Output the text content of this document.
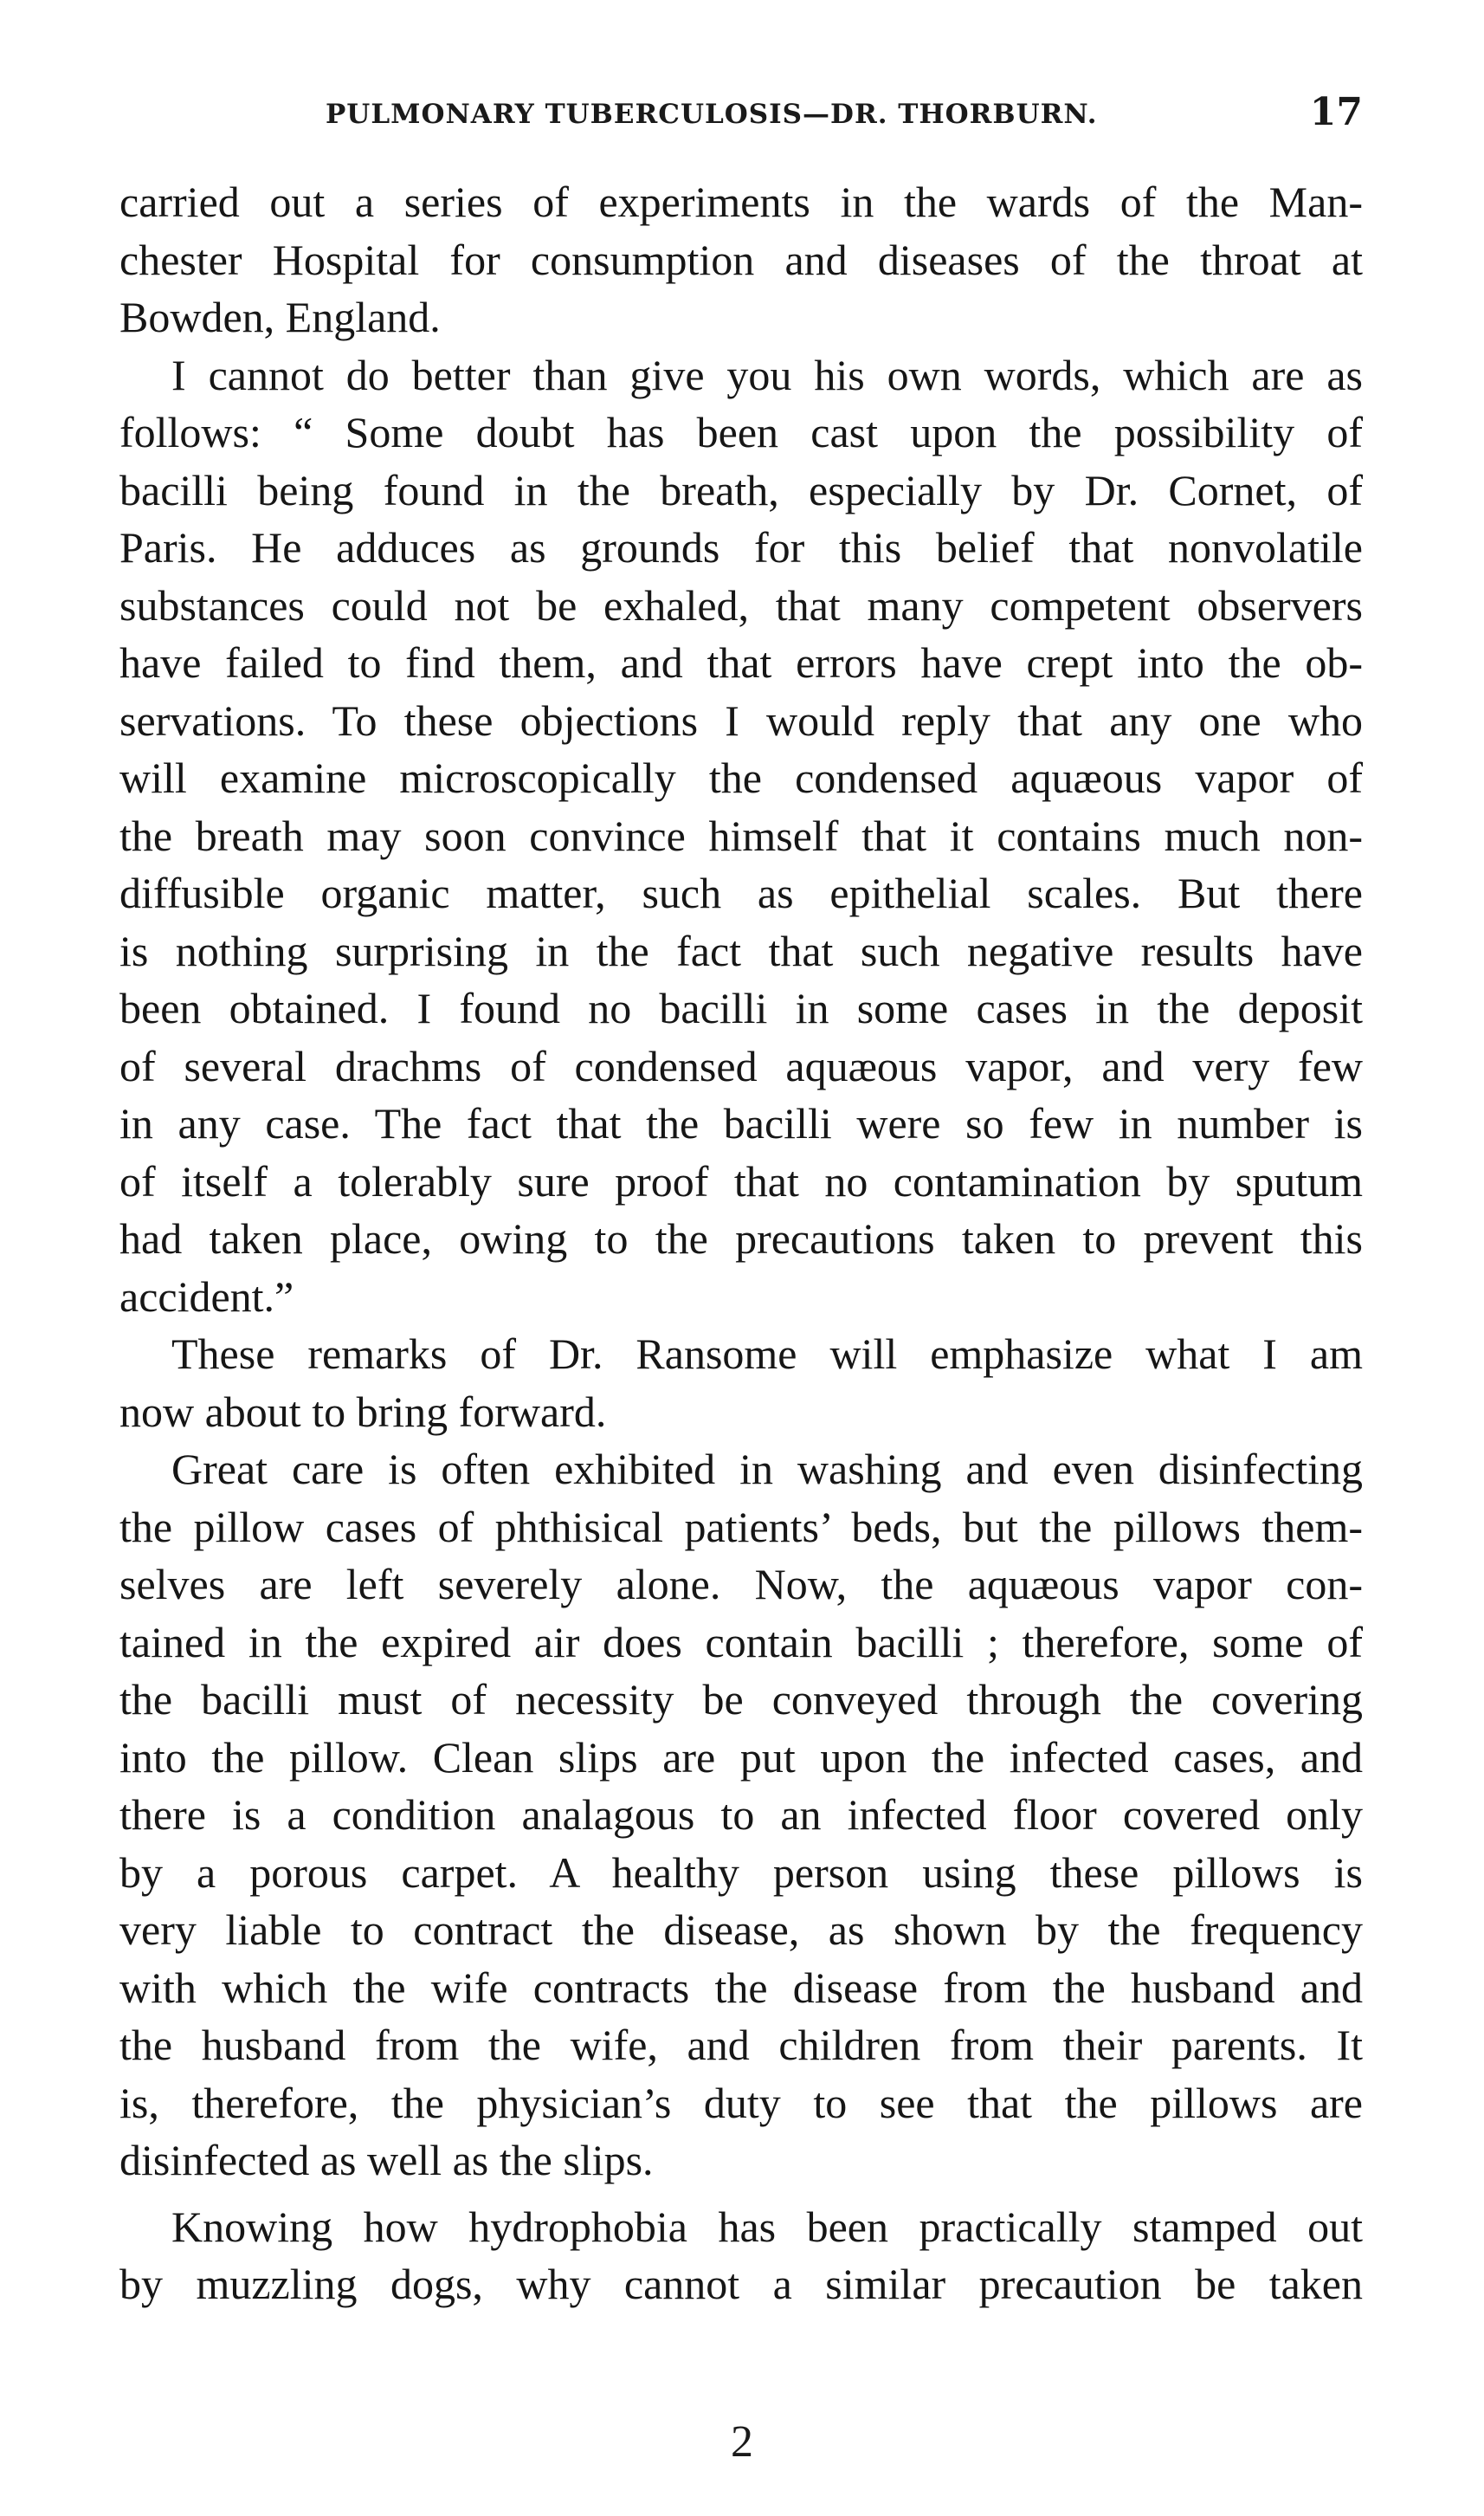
PULMONARY TUBERCULOSIS—DR. THORBURN.	17
carried out a series of experiments in the wards of the Man-
chester Hospital for consumption and diseases of the throat at
Bowden, England.
I cannot do better than give you his own words, which are as
follows: “ Some doubt has been cast upon the possibility of
bacilli being found in the breath, especially by Dr. Cornet, of
Paris. He adduces as grounds for this belief that nonvolatile
substances could not be exhaled, that many competent observers
have failed to find them, and that errors have crept into the ob-
servations. To these objections I would reply that any one who
will examine microscopically the condensed aquæous vapor of
the breath may soon convince himself that it contains much non-
diffusible organic matter, such as epithelial scales. But there
is nothing surprising in the fact that such negative results have
been obtained. I found no bacilli in some cases in the deposit
of several drachms of condensed aquæous vapor, and very few
in any case. The fact that the bacilli were so few in number is
of itself a tolerably sure proof that no contamination by sputum
had taken place, owing to the precautions taken to prevent this
accident.”
These remarks of Dr. Ransome will emphasize what I am
now about to bring forward.
Great care is often exhibited in washing and even disinfecting
the pillow cases of phthisical patients’ beds, but the pillows them-
selves are left severely alone. Now, the aquæous vapor con-
tained in the expired air does contain bacilli ; therefore, some of
the bacilli must of necessity be conveyed through the covering
into the pillow. Clean slips are put upon the infected cases, and
there is a condition analagous to an infected floor covered only
by a porous carpet. A healthy person using these pillows is
very liable to contract the disease, as shown by the frequency
with which the wife contracts the disease from the husband and
the husband from the wife, and children from their parents. It
is, therefore, the physician’s duty to see that the pillows are
disinfected as well as the slips.
Knowing how hydrophobia has been practically stamped out
by muzzling dogs, why cannot a similar precaution be taken
2
